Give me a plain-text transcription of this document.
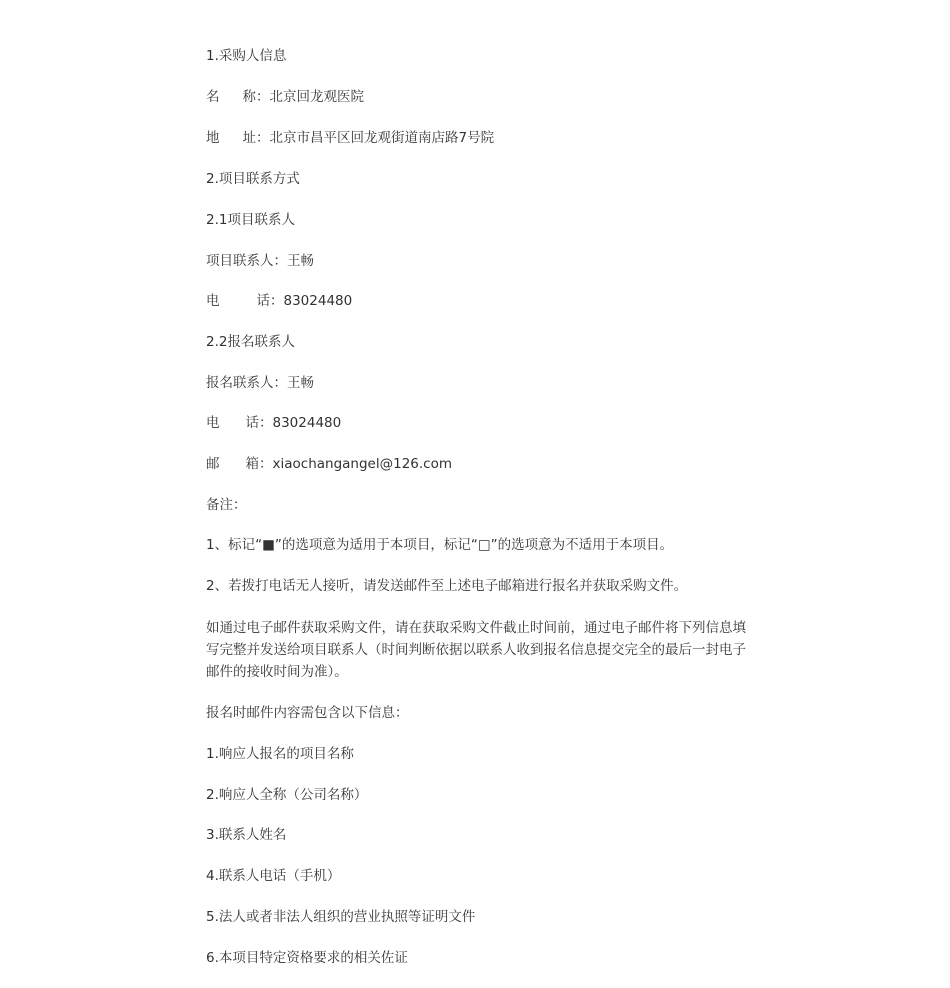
1.采购人信息

名 称：北京回龙观医院

地 址：北京市昌平区回龙观街道南店路7号院

2.项目联系方式

2.1项目联系人

项目联系人：王畅

电	话：83024480

2.2报名联系人

报名联系人：王畅

电 话：83024480

邮 箱：xiaochangangel@126.com

备注：

1、标记“■”的选项意为适用于本项目，标记“□”的选项意为不适用于本项目。

2、若拨打电话无人接听，请发送邮件至上述电子邮箱进行报名并获取采购文件。

如通过电子邮件获取采购文件，请在获取采购文件截止时间前，通过电子邮件将下列信息填写完整并发送给项目联系人（时间判断依据以联系人收到报名信息提交完全的最后一封电子邮件的接收时间为准）。

报名时邮件内容需包含以下信息：

1.响应人报名的项目名称

2.响应人全称（公司名称）

3.联系人姓名

4.联系人电话（手机）

5.法人或者非法人组织的营业执照等证明文件

6.本项目特定资格要求的相关佐证
